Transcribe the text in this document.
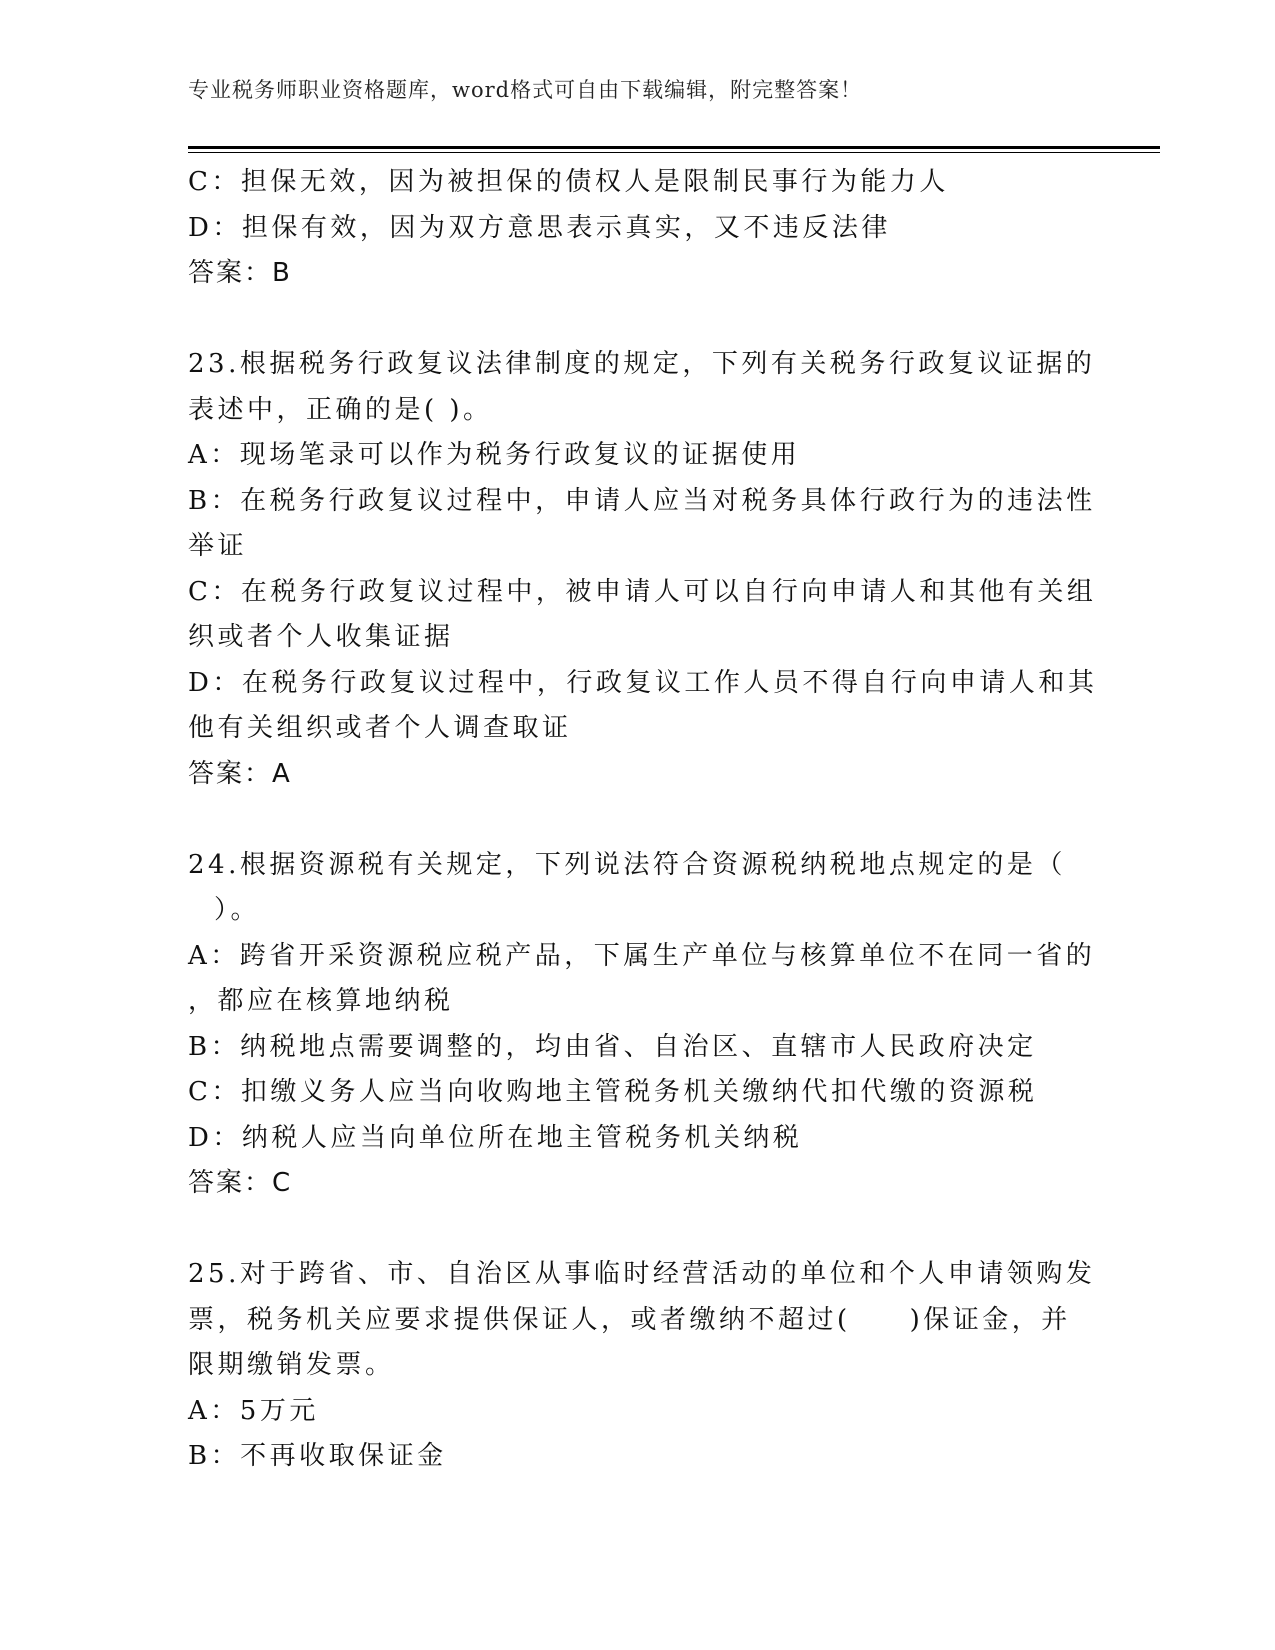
专业税务师职业资格题库，word格式可自由下载编辑，附完整答案！
C：担保无效，因为被担保的债权人是限制民事行为能力人
D：担保有效，因为双方意思表示真实，又不违反法律
答案：B
23.根据税务行政复议法律制度的规定，下列有关税务行政复议证据的
表述中，正确的是( )。
A：现场笔录可以作为税务行政复议的证据使用
B：在税务行政复议过程中，申请人应当对税务具体行政行为的违法性
举证
C：在税务行政复议过程中，被申请人可以自行向申请人和其他有关组
织或者个人收集证据
D：在税务行政复议过程中，行政复议工作人员不得自行向申请人和其
他有关组织或者个人调查取证
答案：A
24.根据资源税有关规定，下列说法符合资源税纳税地点规定的是（
）。
A：跨省开采资源税应税产品，下属生产单位与核算单位不在同一省的
，都应在核算地纳税
B：纳税地点需要调整的，均由省、自治区、直辖市人民政府决定
C：扣缴义务人应当向收购地主管税务机关缴纳代扣代缴的资源税
D：纳税人应当向单位所在地主管税务机关纳税
答案：C
25.对于跨省、市、自治区从事临时经营活动的单位和个人申请领购发
票，税务机关应要求提供保证人，或者缴纳不超过(　　)保证金，并
限期缴销发票。
A：5万元
B：不再收取保证金
